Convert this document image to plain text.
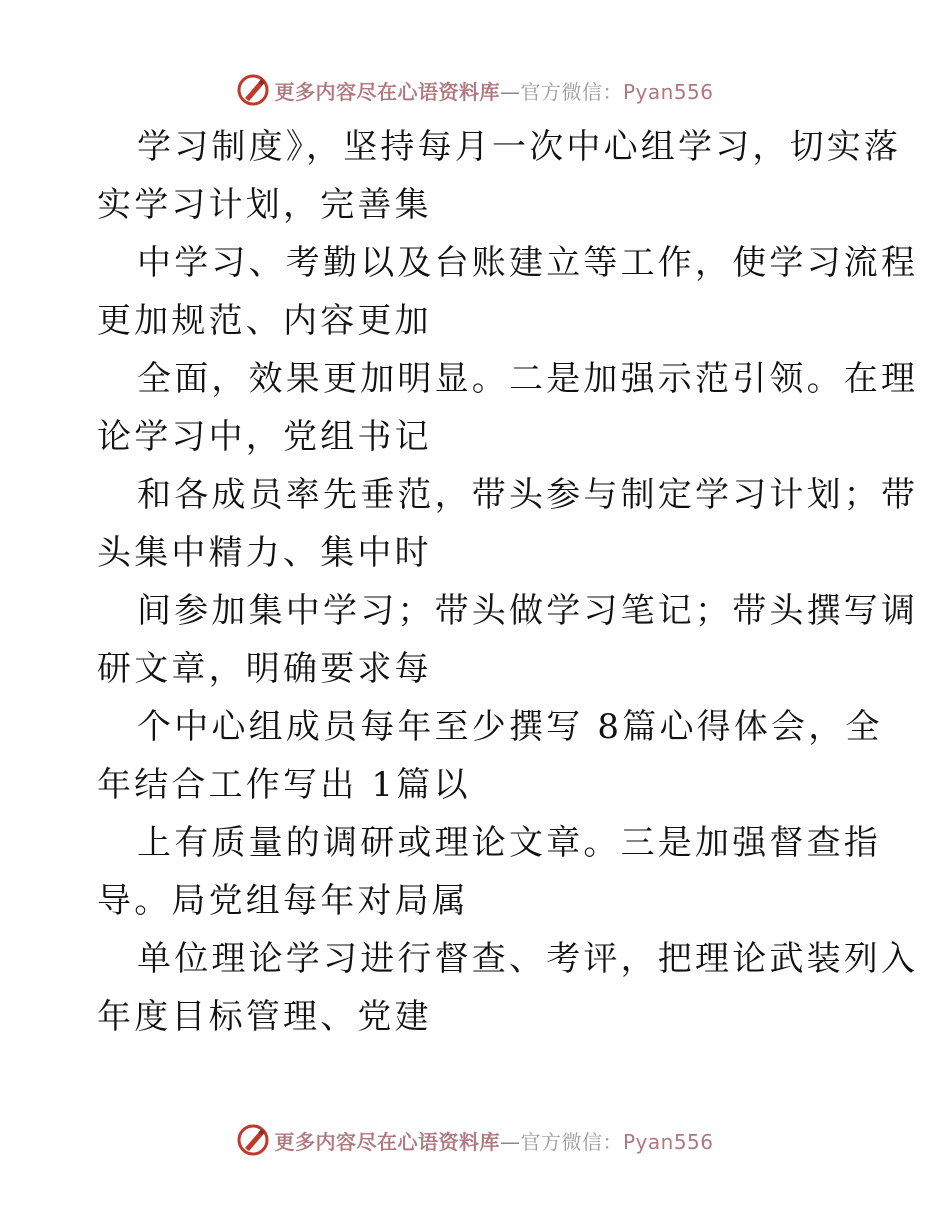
更多内容尽在心语资料库—官方微信：Pyan556

学习制度》，坚持每月一次中心组学习，切实落
实学习计划，完善集

中学习、考勤以及台账建立等工作，使学习流程
更加规范、内容更加

全面，效果更加明显。二是加强示范引领。在理
论学习中，党组书记

和各成员率先垂范，带头参与制定学习计划；带
头集中精力、集中时

间参加集中学习；带头做学习笔记；带头撰写调
研文章，明确要求每

个中心组成员每年至少撰写 8篇心得体会，全
年结合工作写出 1篇以

上有质量的调研或理论文章。三是加强督查指
导。局党组每年对局属

单位理论学习进行督查、考评，把理论武装列入
年度目标管理、党建

更多内容尽在心语资料库—官方微信：Pyan556
